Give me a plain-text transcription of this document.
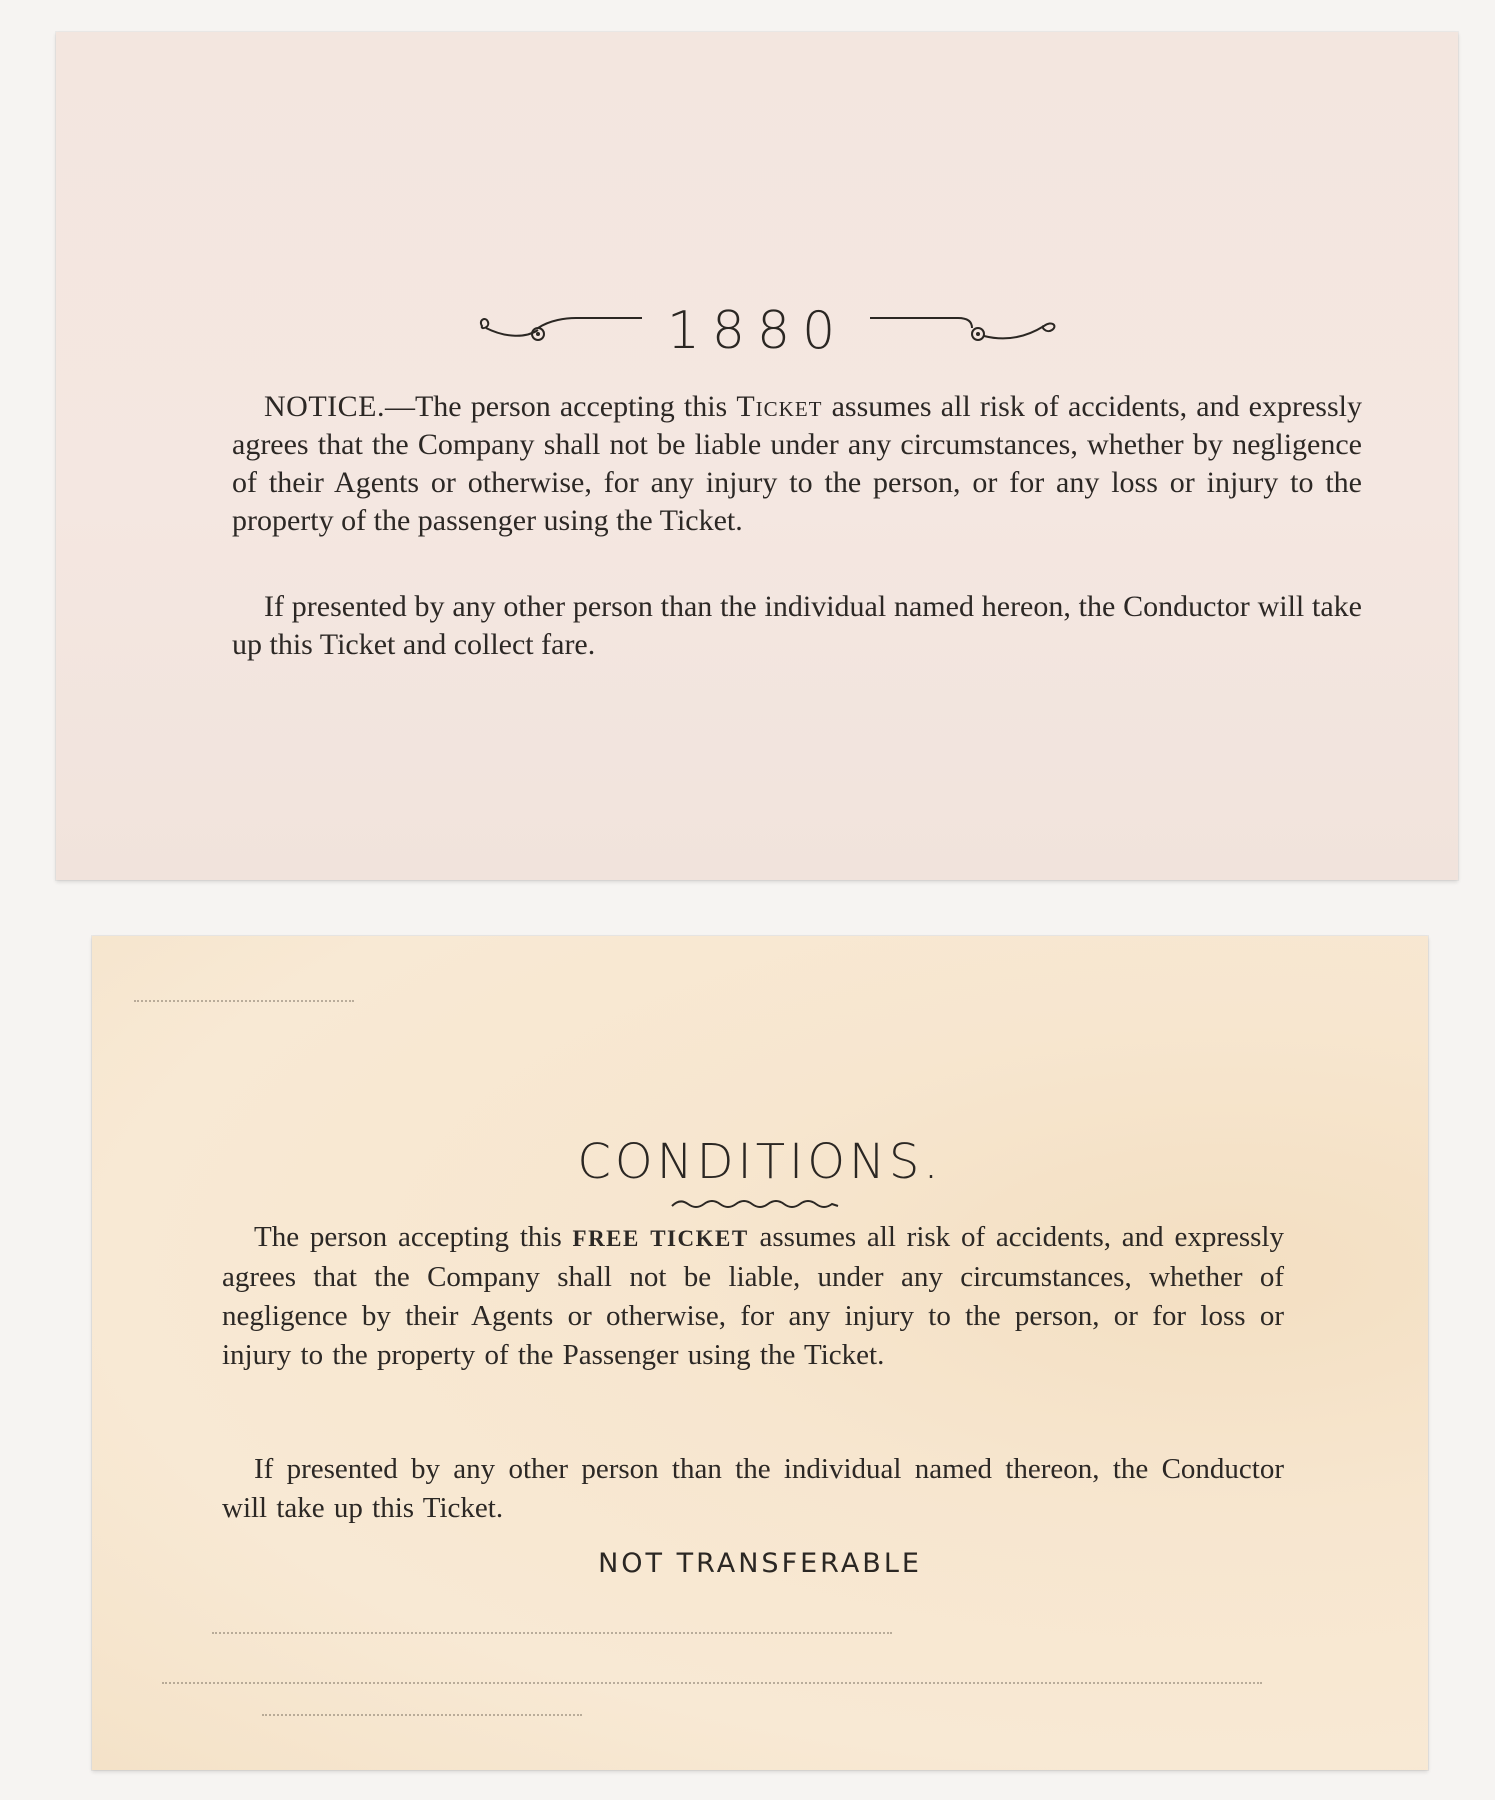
1880

NOTICE.—The person accepting this Ticket assumes all risk of accidents, and expressly agrees that the Company shall not be liable under any circumstances, whether by negligence of their Agents or otherwise, for any injury to the person, or for any loss or injury to the property of the passenger using the Ticket.

If presented by any other person than the individual named hereon, the Conductor will take up this Ticket and collect fare.

CONDITIONS.

The person accepting this FREE TICKET assumes all risk of accidents, and expressly agrees that the Company shall not be liable, under any circumstances, whether of negligence by their Agents or otherwise, for any injury to the person, or for loss or injury to the property of the Passenger using the Ticket.

If presented by any other person than the individual named thereon, the Conductor will take up this Ticket.

NOT TRANSFERABLE
